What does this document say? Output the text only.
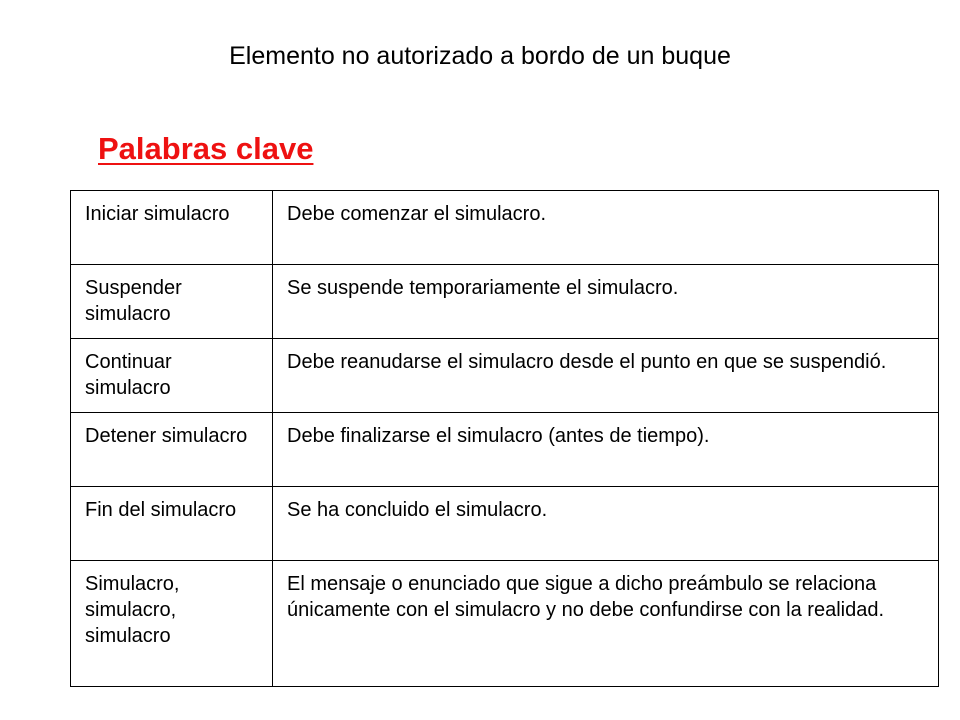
Elemento no autorizado a bordo de un buque
Palabras clave
Iniciar simulacro	Debe comenzar el simulacro.
Suspender simulacro	Se suspende temporariamente el simulacro.
Continuar simulacro	Debe reanudarse el simulacro desde el punto en que se suspendió.
Detener simulacro	Debe finalizarse el simulacro (antes de tiempo).
Fin del simulacro	Se ha concluido el simulacro.
Simulacro, simulacro, simulacro	El mensaje o enunciado que sigue a dicho preámbulo se relaciona únicamente con el simulacro y no debe confundirse con la realidad.
